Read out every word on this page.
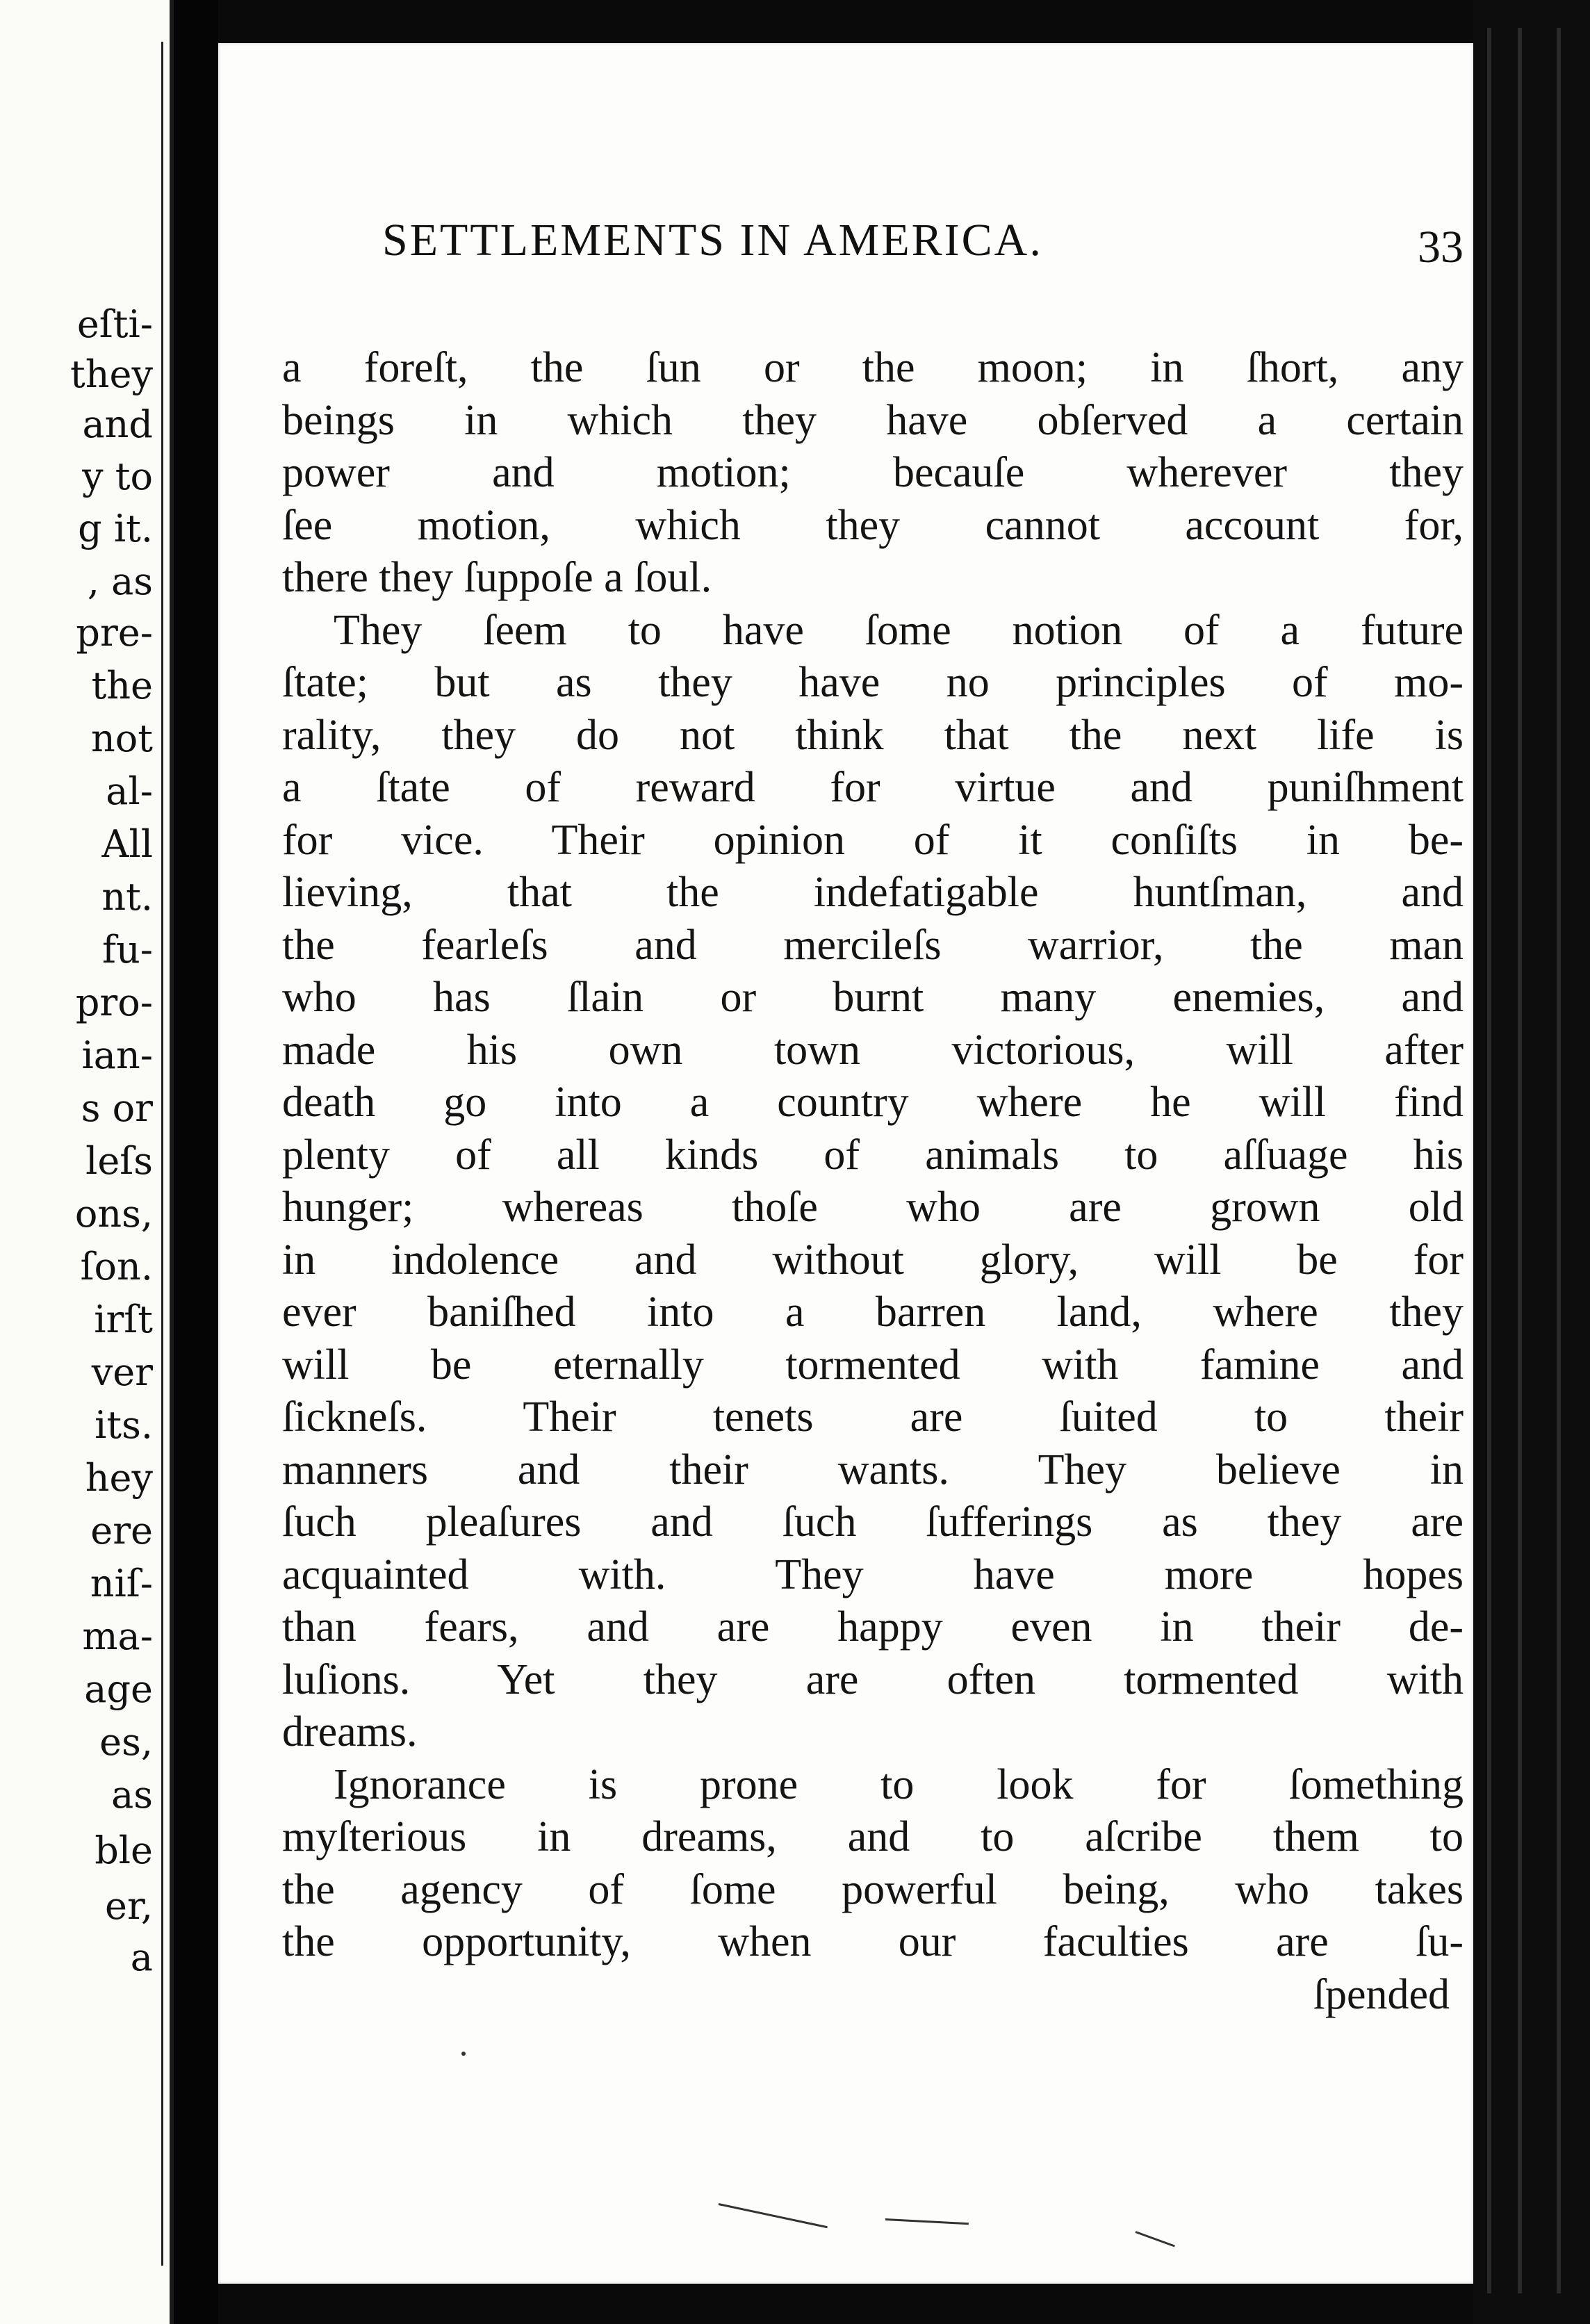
eſti-
they
and
y to
g it.
, as
pre-
the
not
al-
All
nt.
fu-
pro-
ian-
s or
leſs
ons,
ſon.
irſt
ver
its.
hey
ere
niſ-
ma-
age
es,
as
ble
er,
a
SETTLEMENTS IN AMERICA.	33
a foreſt, the ſun or the moon; in ſhort, any
beings in which they have obſerved a certain
power and motion; becauſe wherever they
ſee motion, which they cannot account for,
there they ſuppoſe a ſoul.
They ſeem to have ſome notion of a future
ſtate; but as they have no principles of mo-
rality, they do not think that the next life is
a ſtate of reward for virtue and puniſhment
for vice. Their opinion of it conſiſts in be-
lieving, that the indefatigable huntſman, and
the fearleſs and mercileſs warrior, the man
who has ſlain or burnt many enemies, and
made his own town victorious, will after
death go into a country where he will find
plenty of all kinds of animals to aſſuage his
hunger; whereas thoſe who are grown old
in indolence and without glory, will be for
ever baniſhed into a barren land, where they
will be eternally tormented with famine and
ſickneſs. Their tenets are ſuited to their
manners and their wants. They believe in
ſuch pleaſures and ſuch ſufferings as they are
acquainted with. They have more hopes
than fears, and are happy even in their de-
luſions. Yet they are often tormented with
dreams.
Ignorance is prone to look for ſomething
myſterious in dreams, and to aſcribe them to
the agency of ſome powerful being, who takes
the opportunity, when our faculties are ſu-
ſpended
